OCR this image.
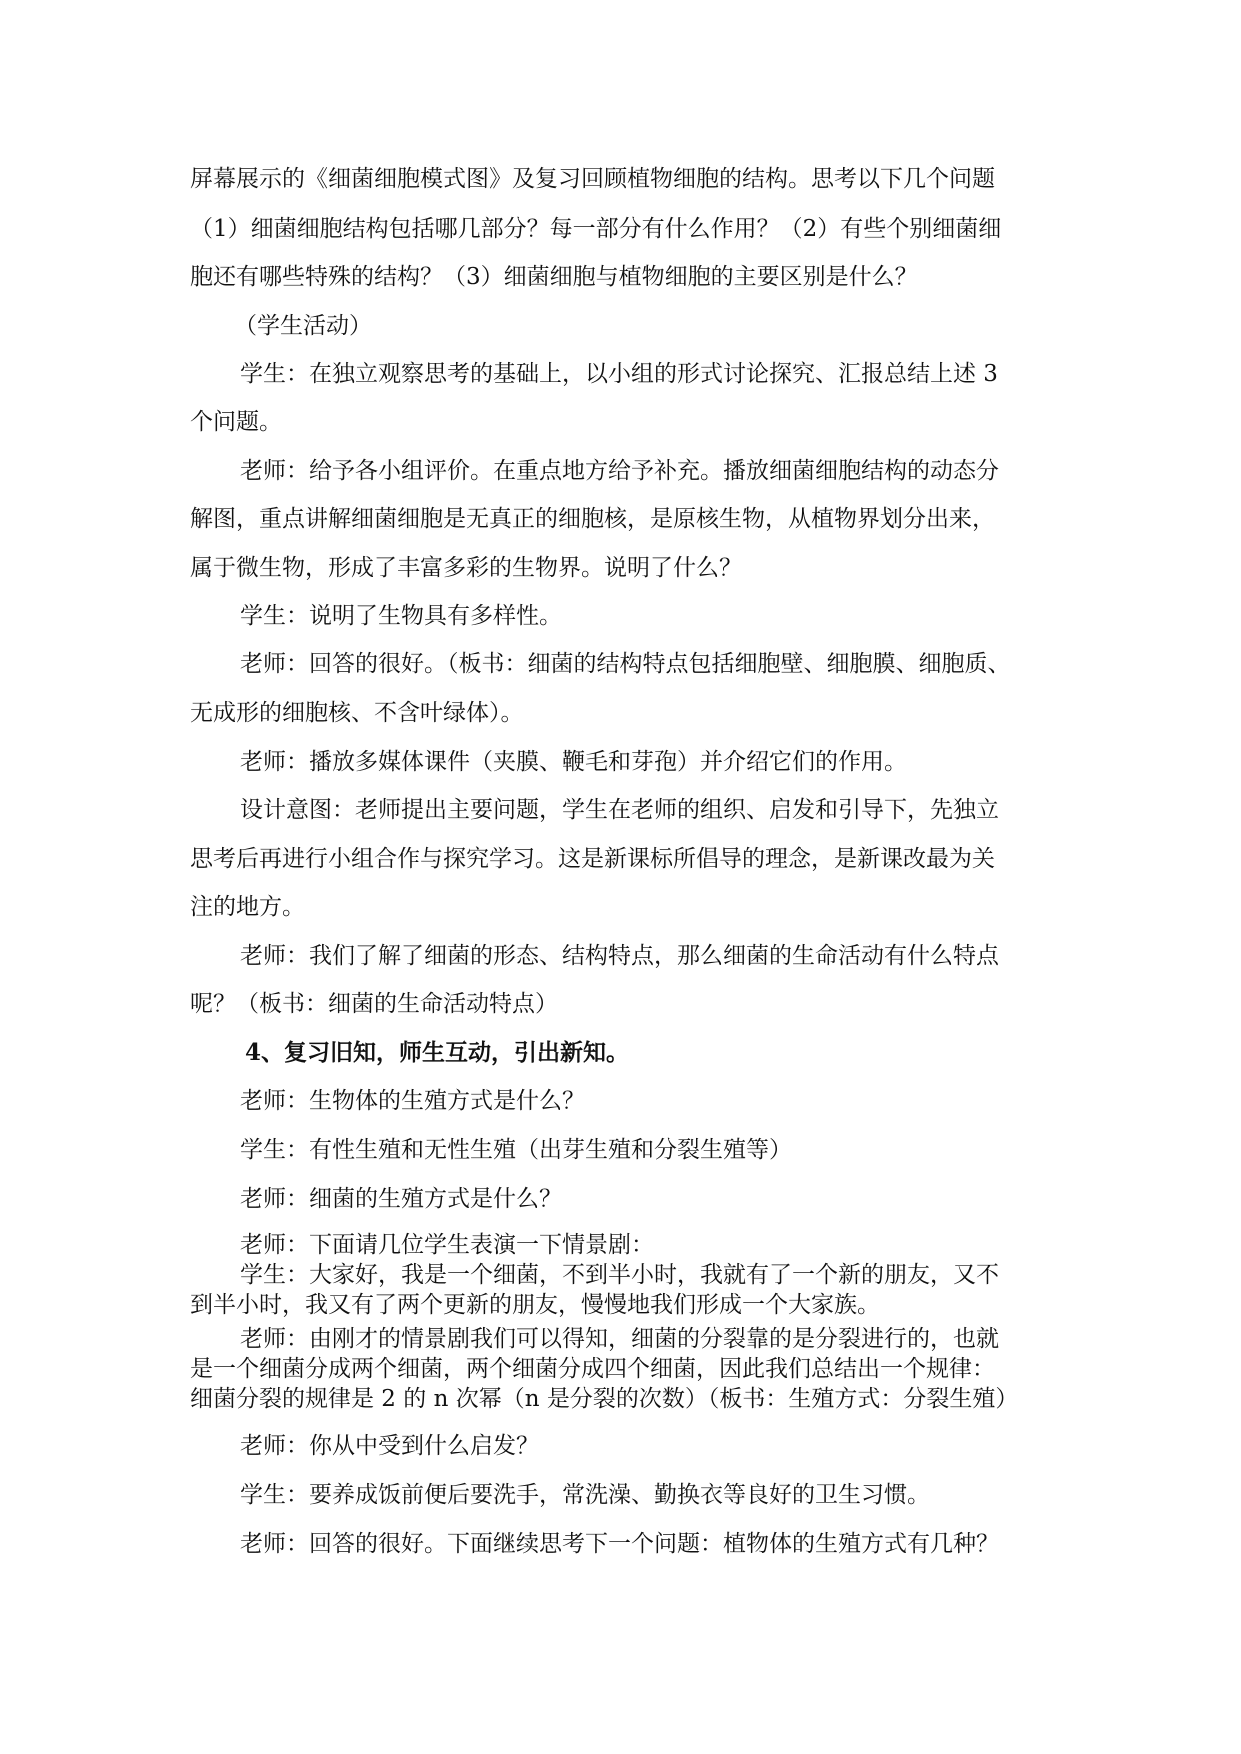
屏幕展示的《细菌细胞模式图》及复习回顾植物细胞的结构。思考以下几个问题
（1）细菌细胞结构包括哪几部分？每一部分有什么作用？（2）有些个别细菌细
胞还有哪些特殊的结构？（3）细菌细胞与植物细胞的主要区别是什么？
（学生活动）
学生：在独立观察思考的基础上，以小组的形式讨论探究、汇报总结上述 3
个问题。
老师：给予各小组评价。在重点地方给予补充。播放细菌细胞结构的动态分
解图，重点讲解细菌细胞是无真正的细胞核，是原核生物，从植物界划分出来，
属于微生物，形成了丰富多彩的生物界。说明了什么？
学生：说明了生物具有多样性。
老师：回答的很好。（板书：细菌的结构特点包括细胞壁、细胞膜、细胞质、
无成形的细胞核、不含叶绿体）。
老师：播放多媒体课件（夹膜、鞭毛和芽孢）并介绍它们的作用。
设计意图：老师提出主要问题，学生在老师的组织、启发和引导下，先独立
思考后再进行小组合作与探究学习。这是新课标所倡导的理念，是新课改最为关
注的地方。
老师：我们了解了细菌的形态、结构特点，那么细菌的生命活动有什么特点
呢？（板书：细菌的生命活动特点）
4、复习旧知，师生互动，引出新知。
老师：生物体的生殖方式是什么？
学生：有性生殖和无性生殖（出芽生殖和分裂生殖等）
老师：细菌的生殖方式是什么？
老师：下面请几位学生表演一下情景剧：
学生：大家好，我是一个细菌，不到半小时，我就有了一个新的朋友，又不
到半小时，我又有了两个更新的朋友，慢慢地我们形成一个大家族。
老师：由刚才的情景剧我们可以得知，细菌的分裂靠的是分裂进行的，也就
是一个细菌分成两个细菌，两个细菌分成四个细菌，因此我们总结出一个规律：
细菌分裂的规律是 2 的 n 次幂（n 是分裂的次数）（板书：生殖方式：分裂生殖）
老师：你从中受到什么启发？
学生：要养成饭前便后要洗手，常洗澡、勤换衣等良好的卫生习惯。
老师：回答的很好。下面继续思考下一个问题：植物体的生殖方式有几种？
